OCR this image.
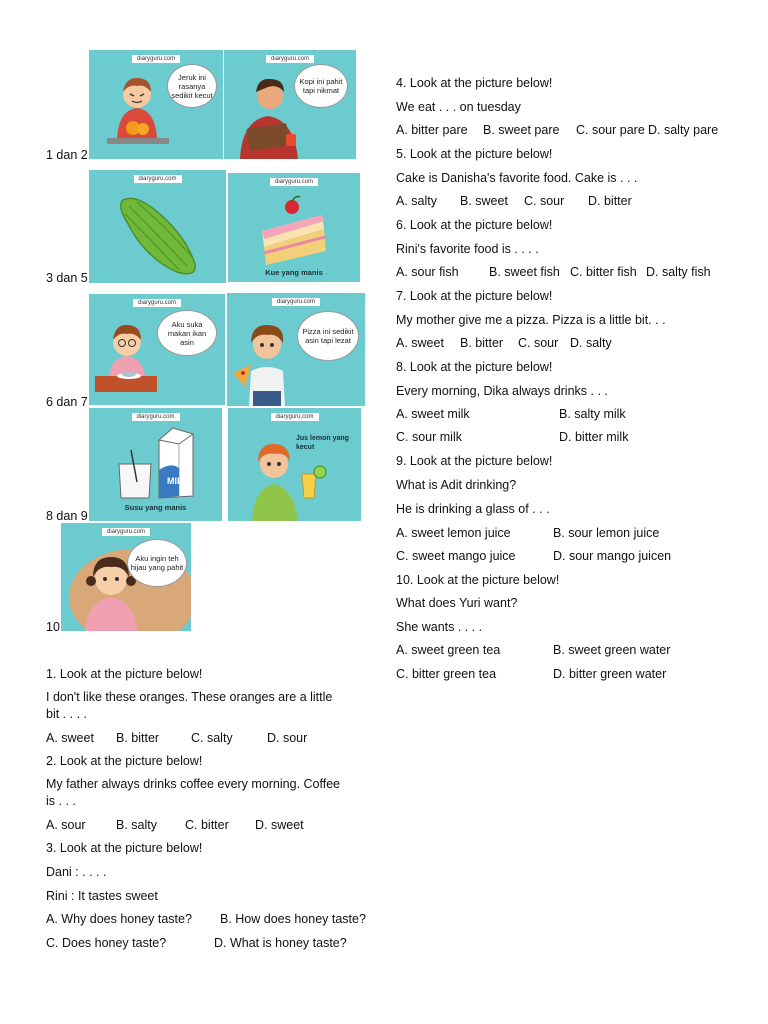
1 dan 2
3 dan 5
6 dan 7
8 dan 9
10
diaryguru.com
Jeruk ini rasanya sedikit kecut
diaryguru.com
Kopi ini pahit tapi nikmat
diaryguru.com	diaryguru.com
Kue yang manis
diaryguru.com
Aku suka makan ikan asin
diaryguru.com
Pizza ini sedikit asin tapi lezat
diaryguru.com
MILK
Susu yang manis
diaryguru.com
Jus lemon yang kecut
diaryguru.com
Aku ingin teh hijau yang pahit
1. Look at the picture below!
I don't like these oranges. These oranges are a little
bit . . . .
A. sweet B. bitter	C. salty	D. sour
2. Look at the picture below!
My father always drinks coffee every morning. Coffee
is . . .
A. sour B. salty C. bitter D. sweet
3. Look at the picture below!
Dani : . . . .
Rini : It tastes sweet
A. Why does honey taste? B. How does honey taste?
C. Does honey taste?	D. What is honey taste?
4. Look at the picture below!
We eat . . . on tuesday
A. bitter pare B. sweet pare C. sour pare D. salty pare
5. Look at the picture below!
Cake is Danisha's favorite food. Cake is . . .
A. salty B. sweet C. sour D. bitter
6. Look at the picture below!
Rini's favorite food is . . . .
A. sour fish B. sweet fish C. bitter fish D. salty fish
7. Look at the picture below!
My mother give me a pizza. Pizza is a little bit. . .
A. sweet B. bitter C. sour D. salty
8. Look at the picture below!
Every morning, Dika always drinks . . .
A. sweet milk	B. salty milk
C. sour milk	D. bitter milk
9. Look at the picture below!
What is Adit drinking?
He is drinking a glass of . . .
A. sweet lemon juice	B. sour lemon juice
C. sweet mango juice	D. sour mango juicen
10. Look at the picture below!
What does Yuri want?
She wants . . . .
A. sweet green tea	B. sweet green water
C. bitter green tea	D. bitter green water
